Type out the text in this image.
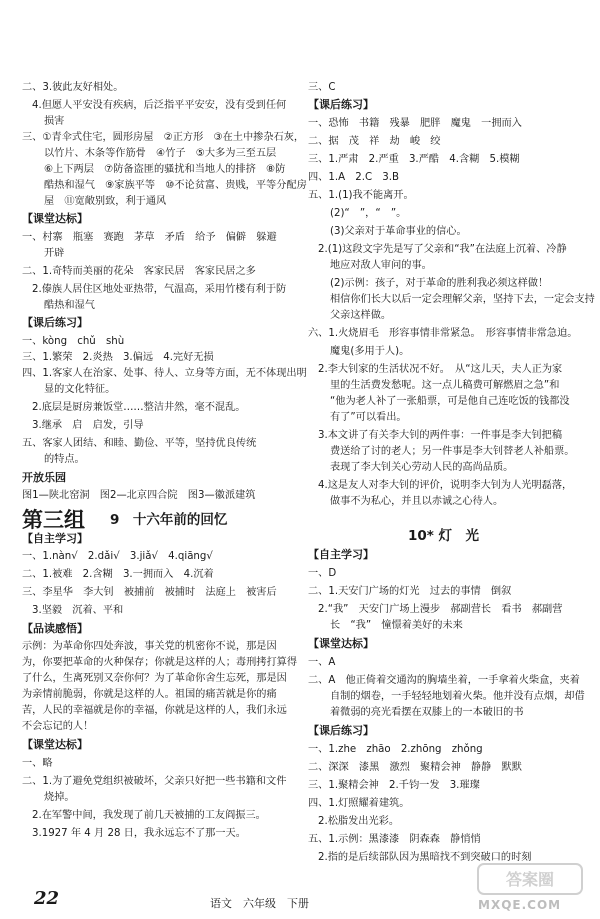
二、3.彼此友好相处。
4.但愿人平安没有疾病，后泛指平平安安，没有受到任何
损害
三、①青伞式住宅，圆形房屋　②正方形　③在土中掺杂石灰，
以竹片、木条等作筋骨　④竹子　⑤大多为三至五层
⑥上下两层　⑦防备盗匪的骚扰和当地人的排挤　⑧防
酷热和湿气　⑨家族平等　⑩不论贫富、贵贱，平等分配房
屋　⑪宽敞别致，利于通风
【课堂达标】
一、村寨　瓶塞　赛跑　茅草　矛盾　给予　偏僻　躲避
开辟
二、1.奇特而美丽的花朵　客家民居　客家民居之多
2.傣族人居住区地处亚热带，气温高，采用竹楼有利于防
酷热和湿气
【课后练习】
一、kòng　chǔ　shù
三、1.繁荣　2.炎热　3.偏远　4.完好无损
四、1.客家人在治家、处事、待人、立身等方面，无不体现出明
显的文化特征。
2.底层是厨房兼饭堂……整洁井然，毫不混乱。
3.继承　启　启发，引导
五、客家人团结、和睦、勤俭、平等，坚持优良传统
的特点。
开放乐园
图1—陕北窑洞　图2—北京四合院　图3—徽派建筑
第三组 9　十六年前的回忆
【自主学习】
一、1.nàn√　2.dǎi√　3.jiǎ√　4.qiāng√
二、1.被难　2.含糊　3.一拥而入　4.沉着
三、李星华　李大钊　被捕前　被捕时　法庭上　被害后
3.坚毅　沉着、平和
【品读感悟】
示例：为革命你四处奔波，事关党的机密你不说，那是因
为，你要把革命的火种保存；你就是这样的人；毒刑拷打算得
了什么，生离死别又奈你何？为了革命你舍生忘死，那是因
为亲情前脆弱，你就是这样的人。祖国的痛苦就是你的痛
苦，人民的幸福就是你的幸福，你就是这样的人，我们永远
不会忘记的人！
【课堂达标】
一、略
二、1.为了避免党组织被破坏，父亲只好把一些书籍和文件
烧掉。
2.在军警中间，我发现了前几天被捕的工友阎振三。
3.1927 年 4 月 28 日，我永远忘不了那一天。
三、C
【课后练习】
一、恐怖　书籍　残暴　肥胖　魔鬼　一拥而入
二、据　茂　祥　劫　峻　绞
三、1.严肃　2.严重　3.严酷　4.含糊　5.模糊
四、1.A　2.C　3.B
五、1.(1)我不能离开。
(2)“　”，“　”。
(3)父亲对于革命事业的信心。
2.(1)这段文字先是写了父亲和“我”在法庭上沉着、冷静
地应对敌人审问的事。
(2)示例：孩子，对于革命的胜利我必须这样做！
相信你们长大以后一定会理解父亲，坚持下去，一定会支持
父亲这样做。
六、1.火烧眉毛　形容事情非常紧急。　形容事情非常急迫。
魔鬼(多用于人)。
2.李大钊家的生活状况不好。　从“这儿天，夫人正为家
里的生活费发愁呢。这一点儿稿费可解燃眉之急”和
“他为老人补了一张船票，可是他自己连吃饭的钱都没
有了”可以看出。
3.本文讲了有关李大钊的两件事：一件事是李大钊把稿
费送给了讨的老人；另一件事是李大钊替老人补船票。
表现了李大钊关心劳动人民的高尚品质。
4.这是友人对李大钊的评价，说明李大钊为人光明磊落，
做事不为私心，并且以赤诚之心待人。
10* 灯　光
【自主学习】
一、D
二、1.天安门广场的灯光　过去的事情　倒叙
2.“我”　天安门广场上漫步　郝副营长　看书　郝副营
长　“我”　憧憬着美好的未来
【课堂达标】
一、A
二、A　他正倚着交通沟的胸墙坐着，一手拿着火柴盒，夹着
自制的烟卷，一手轻轻地划着火柴。他并没有点烟，却借
着微弱的亮光看摆在双膝上的一本破旧的书
【课后练习】
一、1.zhe　zhāo　2.zhōng　zhǒng
二、深深　漆黑　激烈　聚精会神　静静　默默
三、1.聚精会神　2.千钧一发　3.璀璨
四、1.灯照耀着建筑。
2.松脂发出光彩。
五、1.示例：黑漆漆　阴森森　静悄悄
2.指的是后续部队因为黑暗找不到突破口的时刻
22	语文　六年级　下册
答案圈
MXQE.COM
